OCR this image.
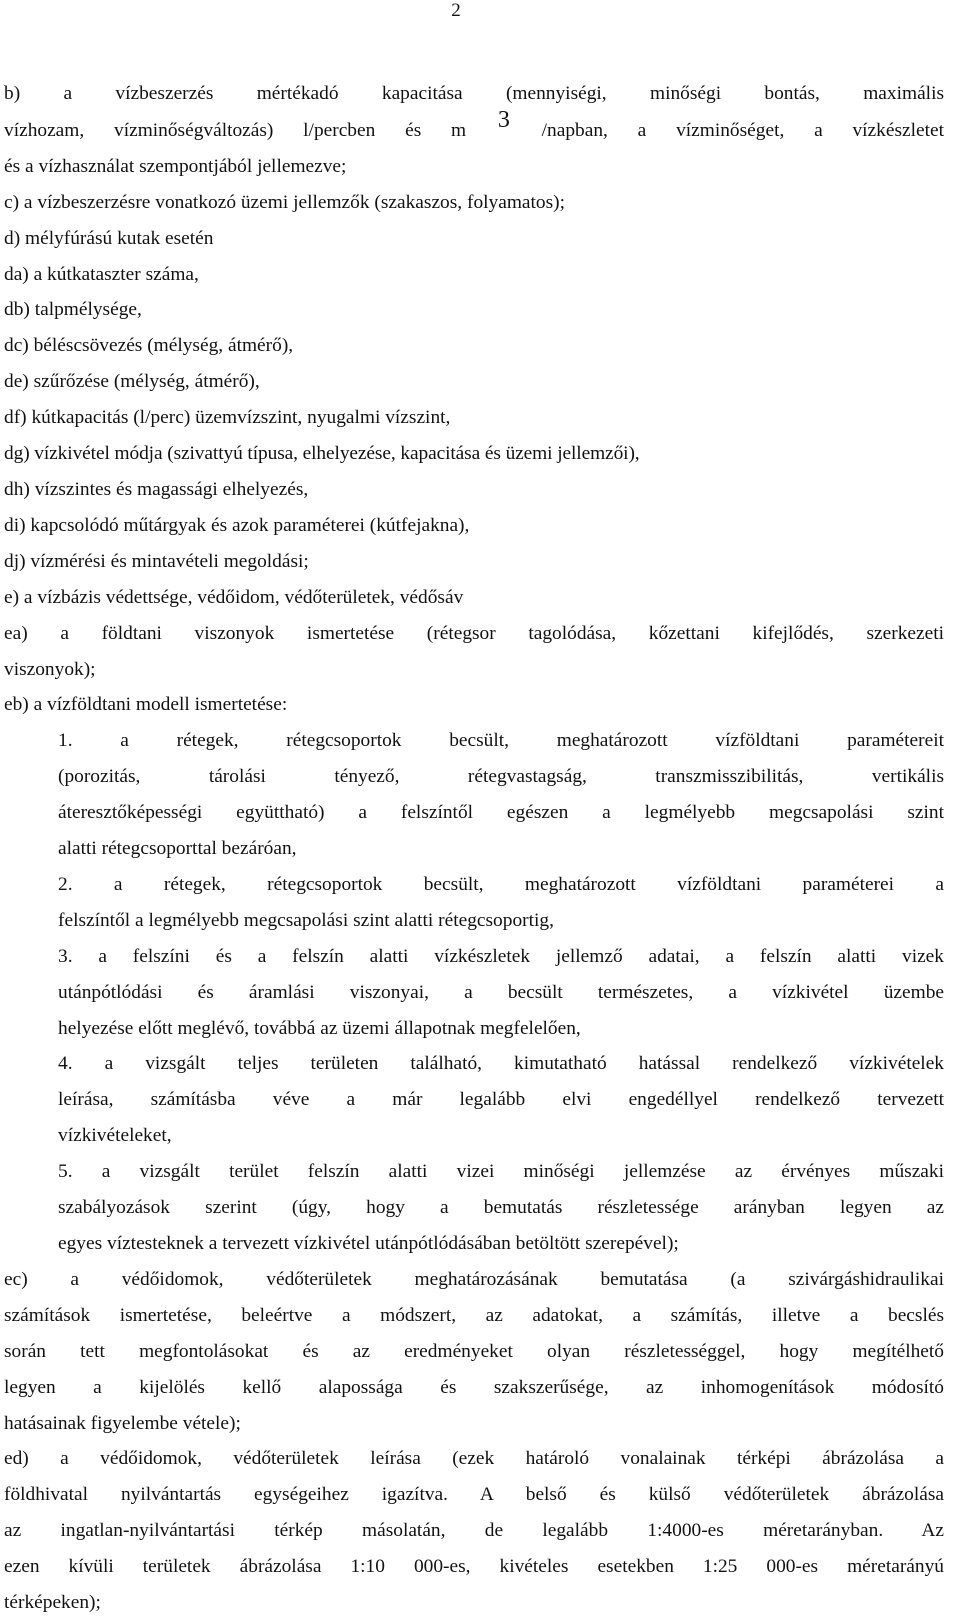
2
b) a vízbeszerzés mértékadó kapacitása (mennyiségi, minőségi bontás, maximális
vízhozam, vízminőségváltozás) l/percben és m 3 /napban, a vízminőséget, a vízkészletet
és a vízhasználat szempontjából jellemezve;
c) a vízbeszerzésre vonatkozó üzemi jellemzők (szakaszos, folyamatos);
d) mélyfúrású kutak esetén
da) a kútkataszter száma,
db) talpmélysége,
dc) béléscsövezés (mélység, átmérő),
de) szűrőzése (mélység, átmérő),
df) kútkapacitás (l/perc) üzemvízszint, nyugalmi vízszint,
dg) vízkivétel módja (szivattyú típusa, elhelyezése, kapacitása és üzemi jellemzői),
dh) vízszintes és magassági elhelyezés,
di) kapcsolódó műtárgyak és azok paraméterei (kútfejakna),
dj) vízmérési és mintavételi megoldási;
e) a vízbázis védettsége, védőidom, védőterületek, védősáv
ea) a földtani viszonyok ismertetése (rétegsor tagolódása, kőzettani kifejlődés, szerkezeti
viszonyok);
eb) a vízföldtani modell ismertetése:
1. a rétegek, rétegcsoportok becsült, meghatározott vízföldtani paramétereit
(porozitás, tárolási tényező, rétegvastagság, transzmisszibilitás, vertikális
áteresztőképességi együttható) a felszíntől egészen a legmélyebb megcsapolási szint
alatti rétegcsoporttal bezáróan,
2. a rétegek, rétegcsoportok becsült, meghatározott vízföldtani paraméterei a
felszíntől a legmélyebb megcsapolási szint alatti rétegcsoportig,
3. a felszíni és a felszín alatti vízkészletek jellemző adatai, a felszín alatti vizek
utánpótlódási és áramlási viszonyai, a becsült természetes, a vízkivétel üzembe
helyezése előtt meglévő, továbbá az üzemi állapotnak megfelelően,
4. a vizsgált teljes területen található, kimutatható hatással rendelkező vízkivételek
leírása, számításba véve a már legalább elvi engedéllyel rendelkező tervezett
vízkivételeket,
5. a vizsgált terület felszín alatti vizei minőségi jellemzése az érvényes műszaki
szabályozások szerint (úgy, hogy a bemutatás részletessége arányban legyen az
egyes víztesteknek a tervezett vízkivétel utánpótlódásában betöltött szerepével);
ec) a védőidomok, védőterületek meghatározásának bemutatása (a szivárgáshidraulikai
számítások ismertetése, beleértve a módszert, az adatokat, a számítás, illetve a becslés
során tett megfontolásokat és az eredményeket olyan részletességgel, hogy megítélhető
legyen a kijelölés kellő alapossága és szakszerűsége, az inhomogenítások módosító
hatásainak figyelembe vétele);
ed) a védőidomok, védőterületek leírása (ezek határoló vonalainak térképi ábrázolása a
földhivatal nyilvántartás egységeihez igazítva. A belső és külső védőterületek ábrázolása
az ingatlan-nyilvántartási térkép másolatán, de legalább 1:4000-es méretarányban. Az
ezen kívüli területek ábrázolása 1:10 000-es, kivételes esetekben 1:25 000-es méretarányú
térképeken);
